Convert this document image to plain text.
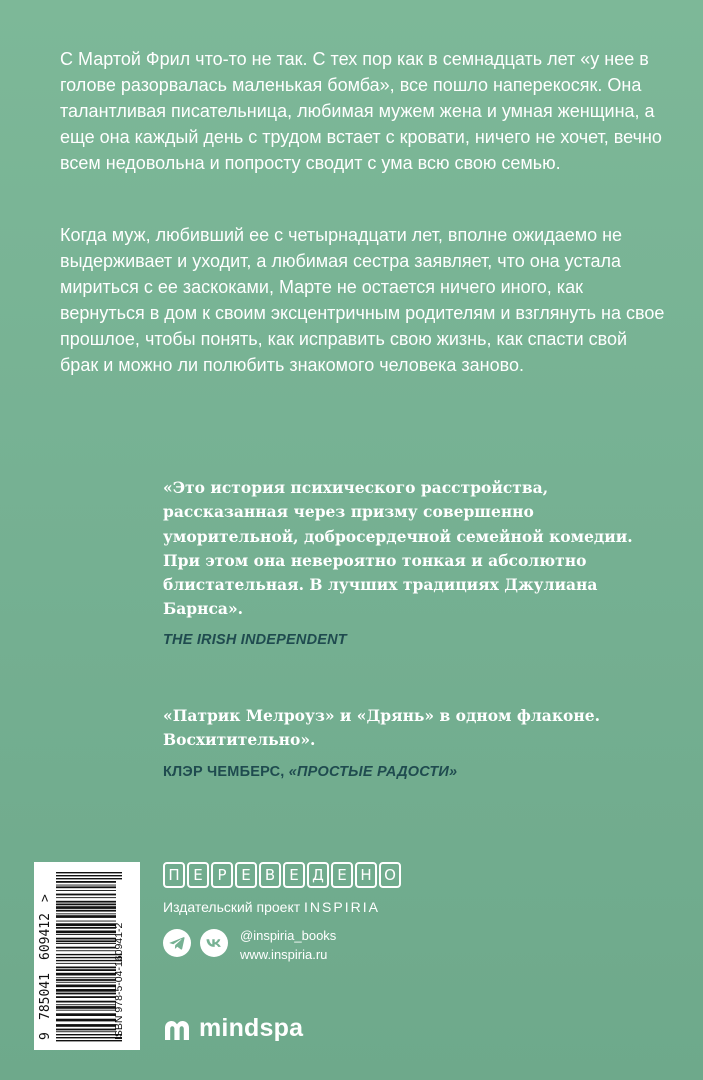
С Мартой Фрил что-то не так. С тех пор как в семнадцать лет «у нее в голове разорвалась маленькая бомба», все пошло наперекосяк. Она талантливая писательница, любимая мужем жена и умная женщина, а еще она каждый день с трудом встает с кровати, ничего не хочет, вечно всем недовольна и попросту сводит с ума всю свою семью.

Когда муж, любивший ее с четырнадцати лет, вполне ожидаемо не выдерживает и уходит, а любимая сестра заявляет, что она устала мириться с ее заскоками, Марте не остается ничего иного, как вернуться в дом к своим эксцентричным родителям и взглянуть на свое прошлое, чтобы понять, как исправить свою жизнь, как спасти свой брак и можно ли полюбить знакомого человека заново.

«Это история психического расстройства, рассказанная через призму совершенно уморительной, добросердечной семейной комедии. При этом она невероятно тонкая и абсолютно блистательная. В лучших традициях Джулиана Барнса».

THE IRISH INDEPENDENT

«Патрик Мелроуз» и «Дрянь» в одном флаконе. Восхитительно».

КЛЭР ЧЕМБЕРС, «ПРОСТЫЕ РАДОСТИ»

9
785041
609412
>
ISBN 978-5-04-160941-2
П Е Р Е В Е Д Е Н О

Издательский проект INSPIRIA

@inspiria_books
www.inspiria.ru

mindspa
